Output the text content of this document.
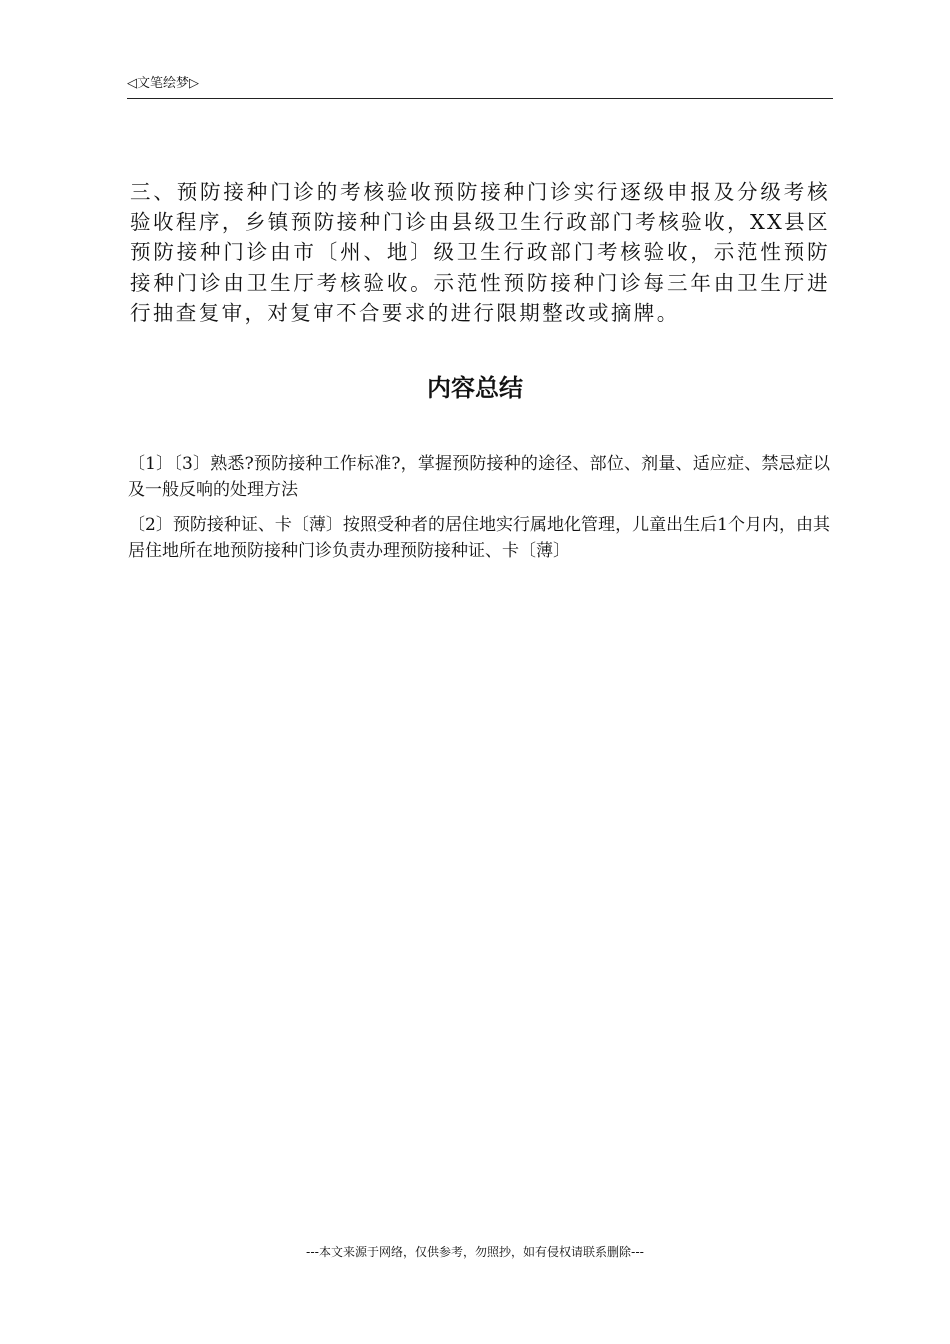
◁文笔绘梦▷

三、预防接种门诊的考核验收预防接种门诊实行逐级申报及分级考核验收程序，乡镇预防接种门诊由县级卫生行政部门考核验收，XX县区预防接种门诊由市〔州、地〕级卫生行政部门考核验收，示范性预防接种门诊由卫生厅考核验收。示范性预防接种门诊每三年由卫生厅进行抽查复审，对复审不合要求的进行限期整改或摘牌。

内容总结

〔1〕〔3〕熟悉?预防接种工作标准?，掌握预防接种的途径、部位、剂量、适应症、禁忌症以及一般反响的处理方法

〔2〕预防接种证、卡〔薄〕按照受种者的居住地实行属地化管理，儿童出生后1个月内，由其居住地所在地预防接种门诊负责办理预防接种证、卡〔薄〕

---本文来源于网络，仅供参考，勿照抄，如有侵权请联系删除---
